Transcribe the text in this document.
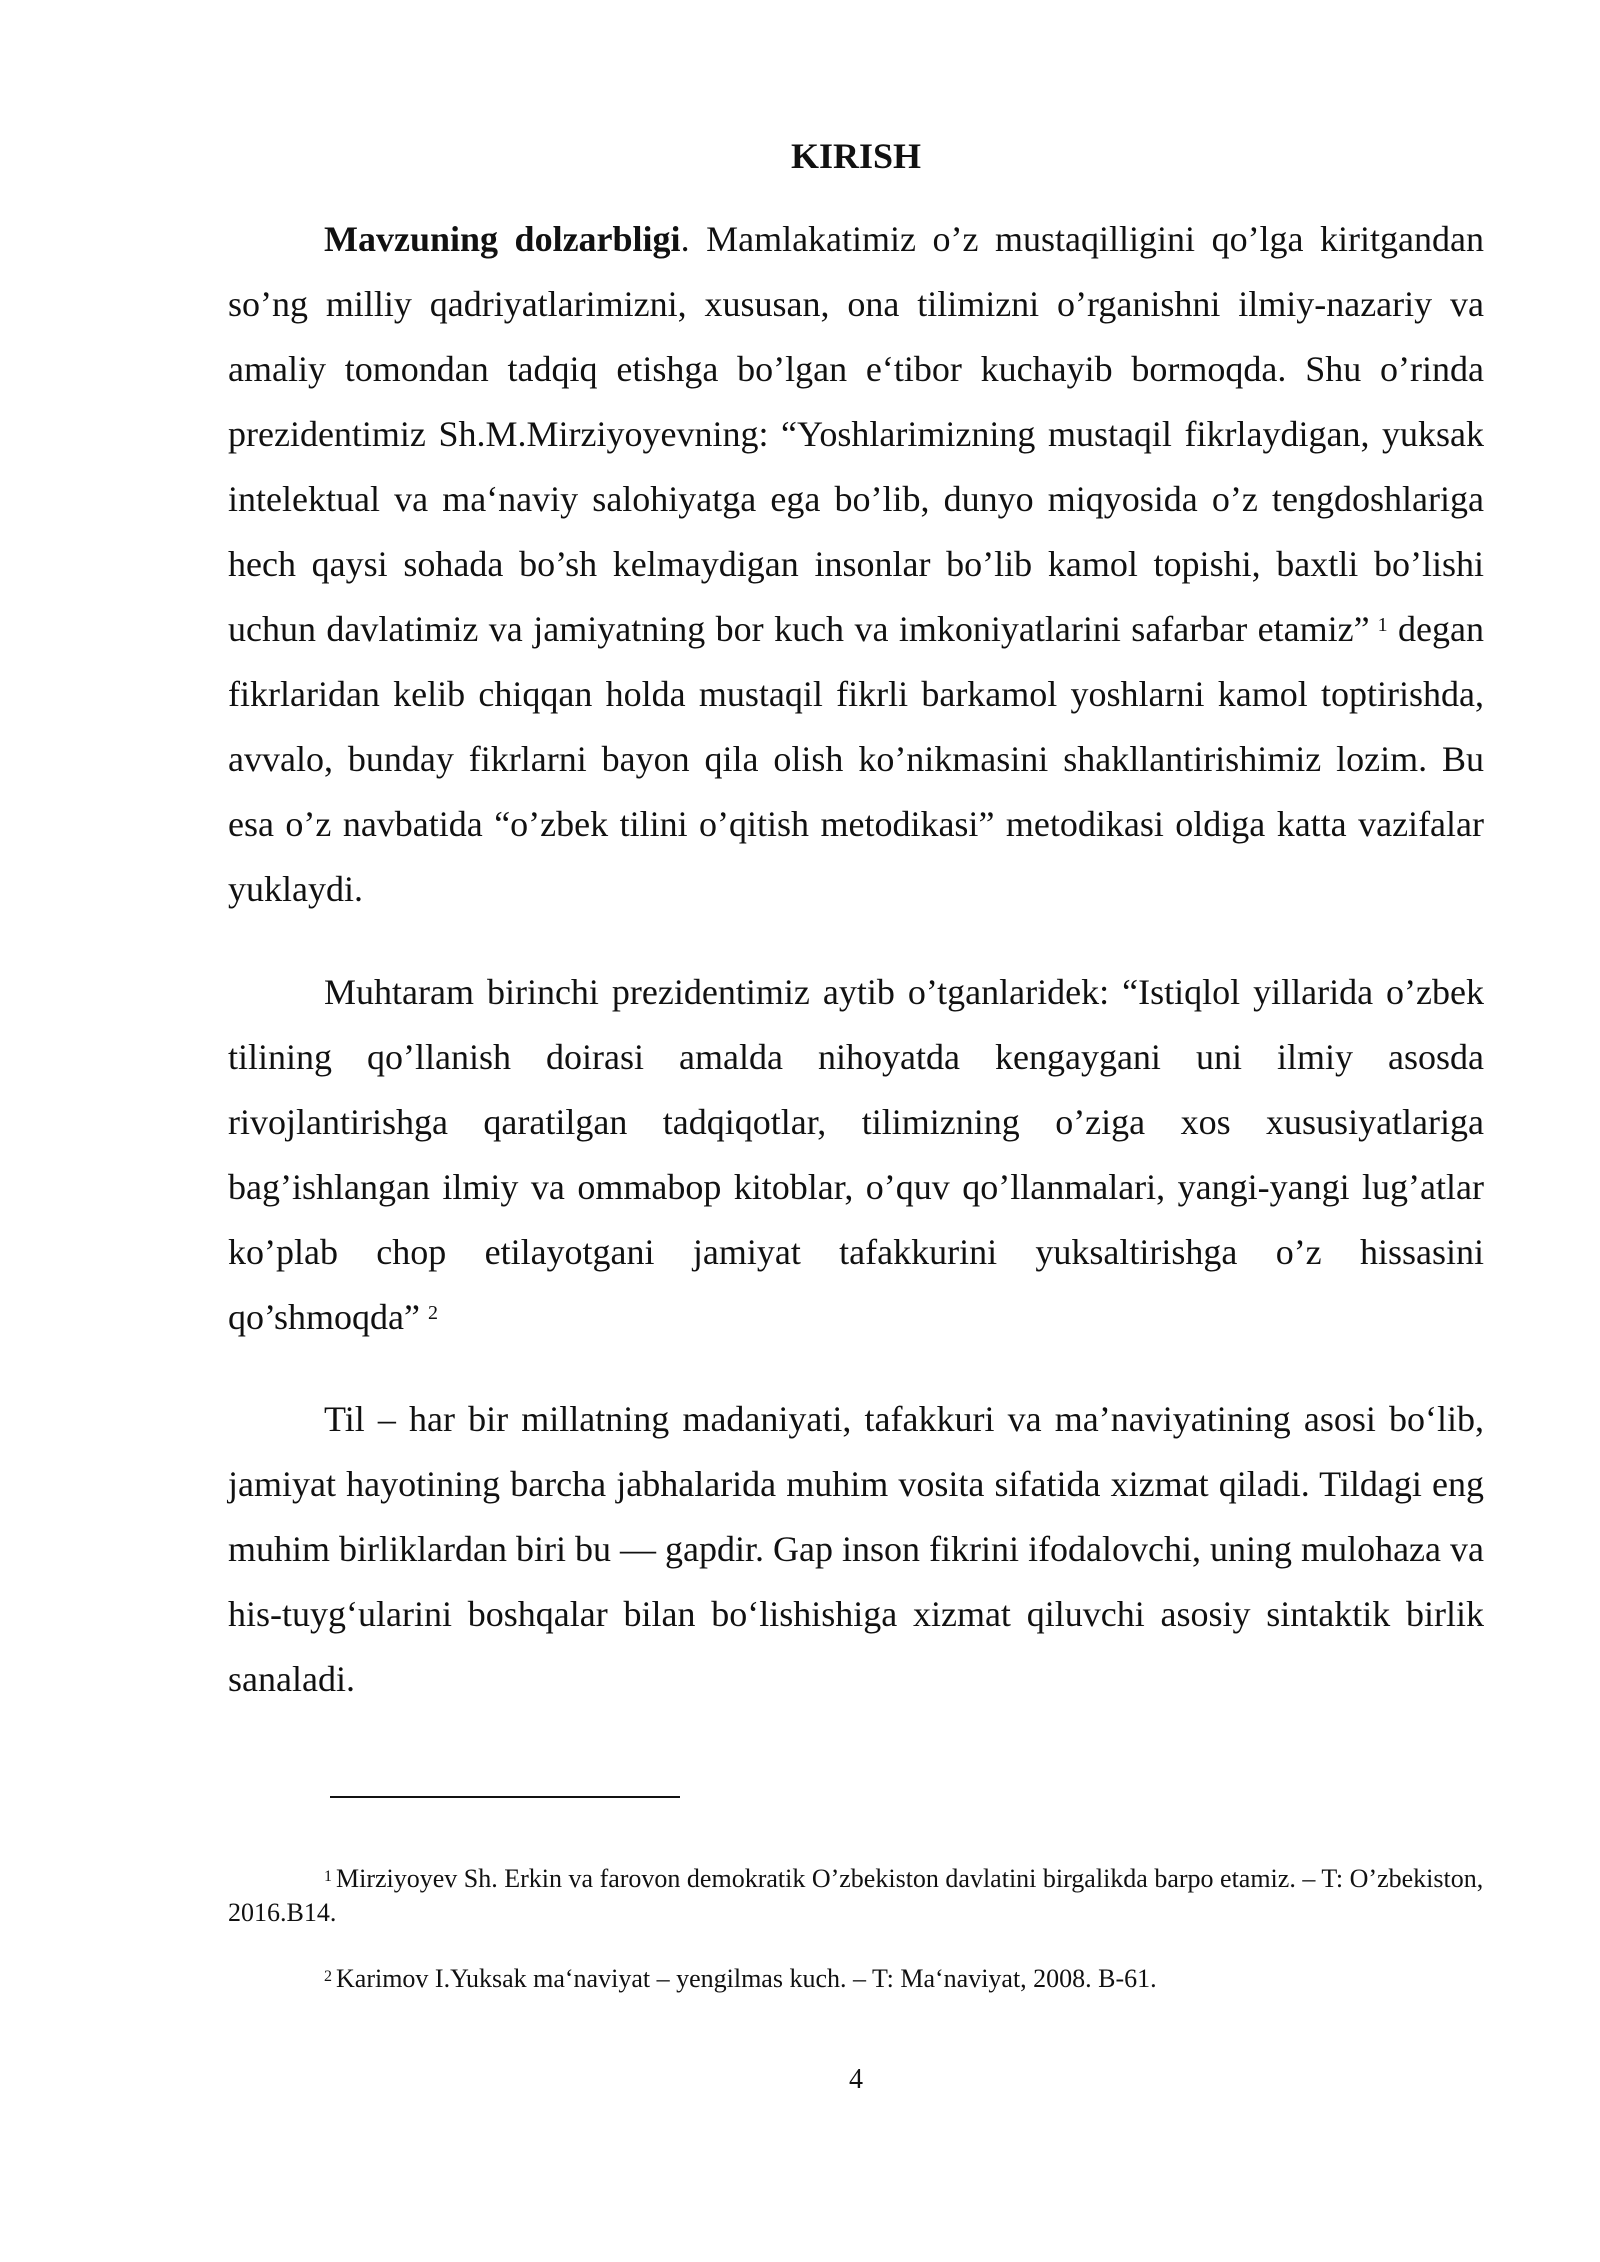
KIRISH

Mavzuning dolzarbligi. Mamlakatimiz o’z mustaqilligini qo’lga kiritgandan so’ng milliy qadriyatlarimizni, xususan, ona tilimizni o’rganishni ilmiy-nazariy va amaliy tomondan tadqiq etishga bo’lgan e‘tibor kuchayib bormoqda. Shu o’rinda prezidentimiz Sh.M.Mirziyoyevning: “Yoshlarimizning mustaqil fikrlaydigan, yuksak intelektual va ma‘naviy salohiyatga ega bo’lib, dunyo miqyosida o’z tengdoshlariga hech qaysi sohada bo’sh kelmaydigan insonlar bo’lib kamol topishi, baxtli bo’lishi uchun davlatimiz va jamiyatning bor kuch va imkoniyatlarini safarbar etamiz” $^1$ degan fikrlaridan kelib chiqqan holda mustaqil fikrli barkamol yoshlarni kamol toptirishda, avvalo, bunday fikrlarni bayon qila olish ko’nikmasini shakllantirishimiz lozim. Bu esa o’z navbatida “o’zbek tilini o’qitish metodikasi” metodikasi oldiga katta vazifalar yuklaydi.

Muhtaram birinchi prezidentimiz aytib o’tganlaridek: “Istiqlol yillarida o’zbek tilining qo’llanish doirasi amalda nihoyatda kengaygani uni ilmiy asosda rivojlantirishga qaratilgan tadqiqotlar, tilimizning o’ziga xos xususiyatlariga bag’ishlangan ilmiy va ommabop kitoblar, o’quv qo’llanmalari, yangi-yangi lug’atlar ko’plab chop etilayotgani jamiyat tafakkurini yuksaltirishga o’z hissasini qo’shmoqda” $^2$

Til – har bir millatning madaniyati, tafakkuri va ma’naviyatining asosi bo‘lib, jamiyat hayotining barcha jabhalarida muhim vosita sifatida xizmat qiladi. Tildagi eng muhim birliklardan biri bu — gapdir. Gap inson fikrini ifodalovchi, uning mulohaza va his-tuyg‘ularini boshqalar bilan bo‘lishishiga xizmat qiluvchi asosiy sintaktik birlik sanaladi.

$^1$ Mirziyoyev Sh. Erkin va farovon demokratik O’zbekiston davlatini birgalikda barpo etamiz. – T: O’zbekiston, 2016.B14.
$^2$ Karimov I.Yuksak ma‘naviyat – yengilmas kuch. – T: Ma‘naviyat, 2008. B-61.
4
